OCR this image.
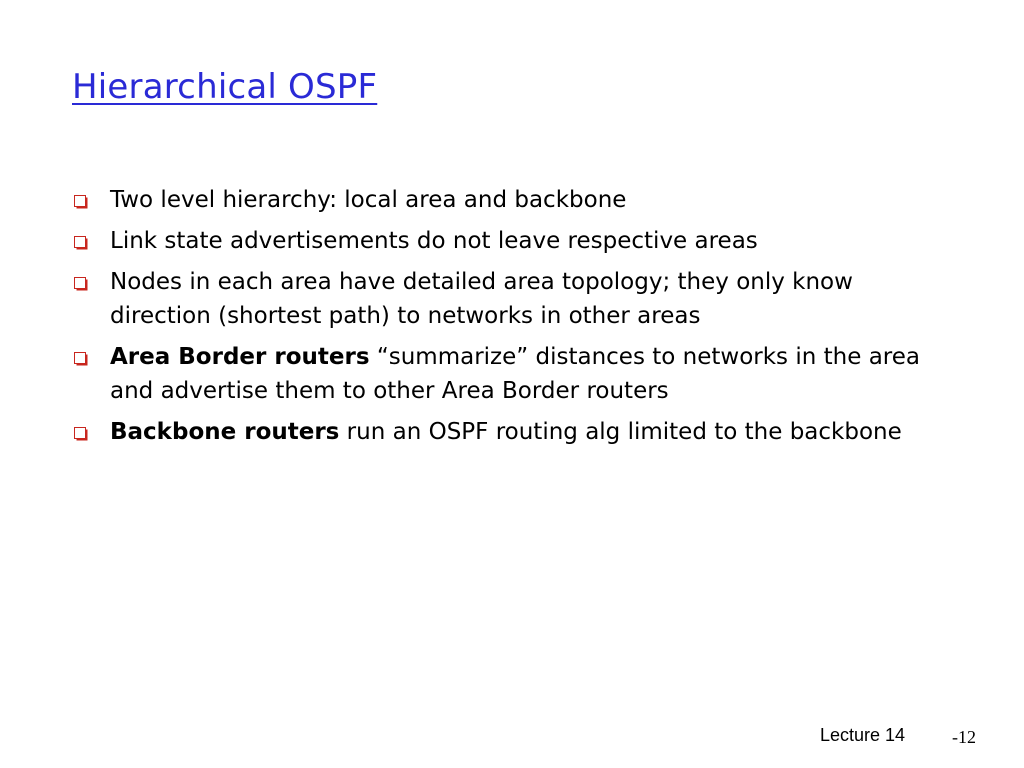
Hierarchical OSPF
Two level hierarchy: local area and backbone
Link state advertisements do not leave respective areas
Nodes in each area have detailed area topology; they only know direction (shortest path) to networks in other areas
Area Border routers “summarize” distances to networks in the area and advertise them to other Area Border routers
Backbone routers run an OSPF routing alg limited to the backbone
Lecture 14	-12
